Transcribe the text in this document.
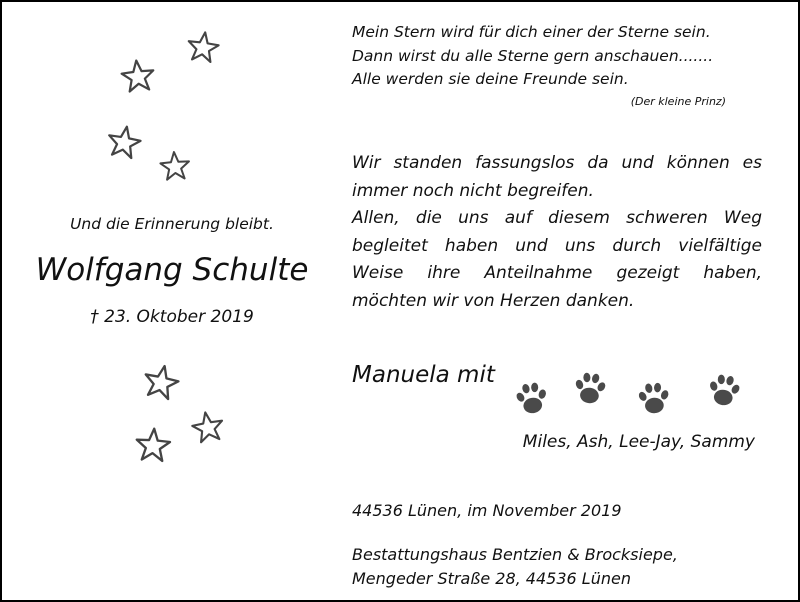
Und die Erinnerung bleibt.
Wolfgang Schulte
† 23. Oktober 2019
Mein Stern wird für dich einer der Sterne sein.
Dann wirst du alle Sterne gern anschauen.......
Alle werden sie deine Freunde sein.
(Der kleine Prinz)
Wir standen fassungslos da und können es
immer noch nicht begreifen.
Allen, die uns auf diesem schweren Weg
begleitet haben und uns durch vielfältige
Weise ihre Anteilnahme gezeigt haben,
möchten wir von Herzen danken.
Manuela mit
Miles, Ash, Lee-Jay, Sammy
44536 Lünen, im November 2019
Bestattungshaus Bentzien & Brocksiepe,
Mengeder Straße 28, 44536 Lünen
